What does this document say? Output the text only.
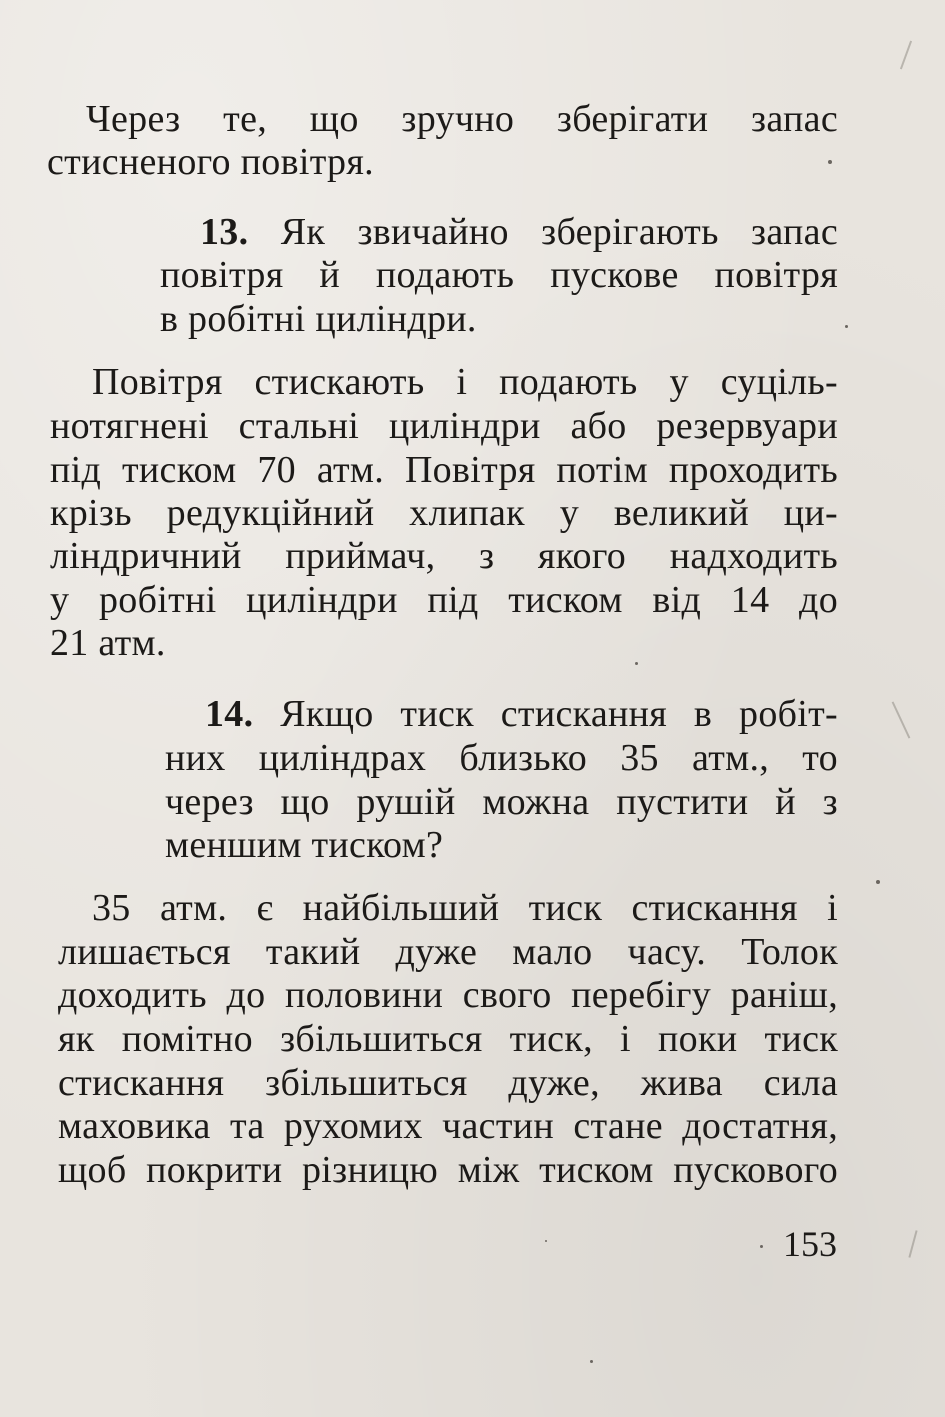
Через те, що зручно зберігати запас
стисненого повітря.
13. Як звичайно зберігають запас
повітря й подають пускове повітря
в робітні циліндри.
Повітря стискають і подають у суціль-
нотягнені стальні циліндри або резервуари
під тиском 70 атм. Повітря потім проходить
крізь редукційний хлипак у великий ци-
ліндричний приймач, з якого надходить
у робітні циліндри під тиском від 14 до
21 атм.
14. Якщо тиск стискання в робіт-
них циліндрах близько 35 атм., то
через що рушій можна пустити й з
меншим тиском?
35 атм. є найбільший тиск стискання і
лишається такий дуже мало часу. Толок
доходить до половини свого перебігу раніш,
як помітно збільшиться тиск, і поки тиск
стискання збільшиться дуже, жива сила
маховика та рухомих частин стане достатня,
щоб покрити різницю між тиском пускового
153
